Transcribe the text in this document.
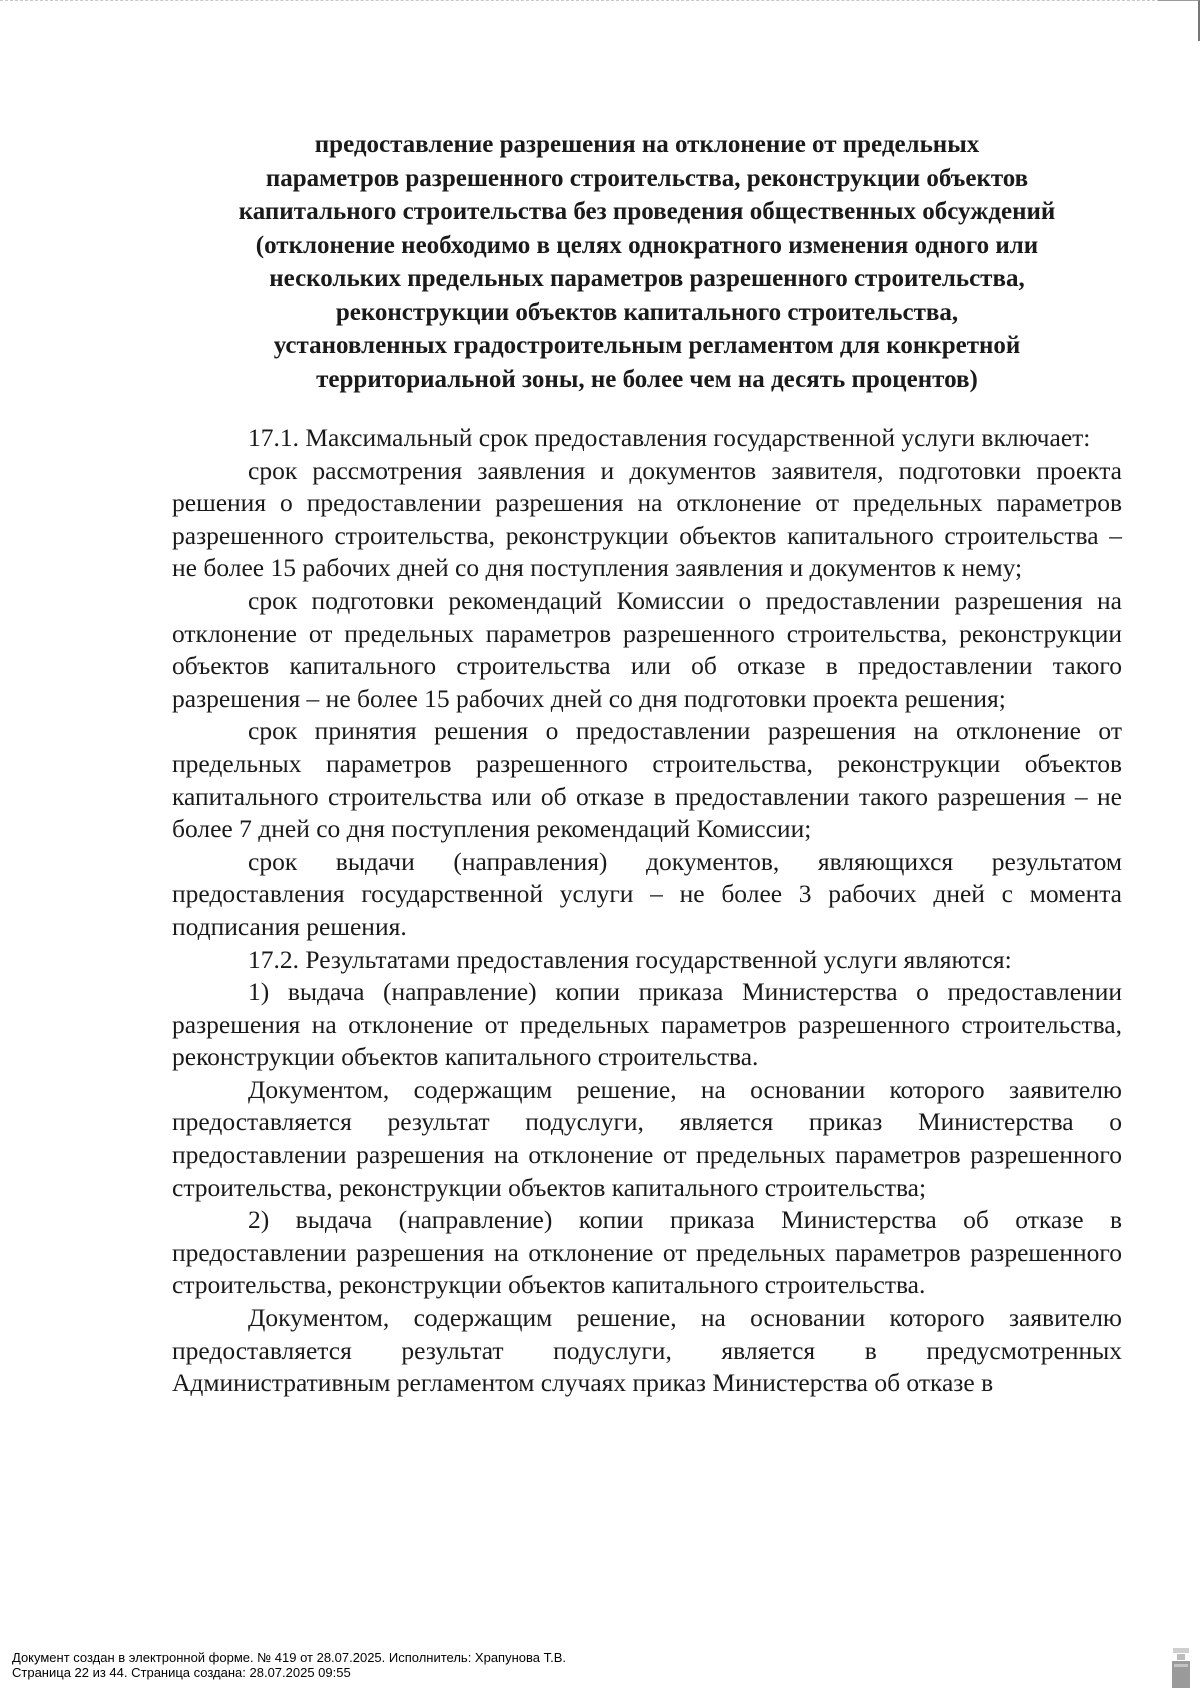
предоставление разрешения на отклонение от предельных
параметров разрешенного строительства, реконструкции объектов
капитального строительства без проведения общественных обсуждений
(отклонение необходимо в целях однократного изменения одного или
нескольких предельных параметров разрешенного строительства,
реконструкции объектов капитального строительства,
установленных градостроительным регламентом для конкретной
территориальной зоны, не более чем на десять процентов)

17.1. Максимальный срок предоставления государственной услуги включает:

срок рассмотрения заявления и документов заявителя, подготовки проекта решения о предоставлении разрешения на отклонение от предельных параметров разрешенного строительства, реконструкции объектов капитального строительства – не более 15 рабочих дней со дня поступления заявления и документов к нему;

срок подготовки рекомендаций Комиссии о предоставлении разрешения на отклонение от предельных параметров разрешенного строительства, реконструкции объектов капитального строительства или об отказе в предоставлении такого разрешения – не более 15 рабочих дней со дня подготовки проекта решения;

срок принятия решения о предоставлении разрешения на отклонение от предельных параметров разрешенного строительства, реконструкции объектов капитального строительства или об отказе в предоставлении такого разрешения – не более 7 дней со дня поступления рекомендаций Комиссии;

срок выдачи (направления) документов, являющихся результатом предоставления государственной услуги – не более 3 рабочих дней с момента подписания решения.

17.2. Результатами предоставления государственной услуги являются:

1) выдача (направление) копии приказа Министерства о предоставлении разрешения на отклонение от предельных параметров разрешенного строительства, реконструкции объектов капитального строительства.

Документом, содержащим решение, на основании которого заявителю предоставляется результат подуслуги, является приказ Министерства о предоставлении разрешения на отклонение от предельных параметров разрешенного строительства, реконструкции объектов капитального строительства;

2) выдача (направление) копии приказа Министерства об отказе в предоставлении разрешения на отклонение от предельных параметров разрешенного строительства, реконструкции объектов капитального строительства.

Документом, содержащим решение, на основании которого заявителю предоставляется результат подуслуги, является в предусмотренных Административным регламентом случаях приказ Министерства об отказе в

Документ создан в электронной форме. № 419 от 28.07.2025. Исполнитель: Храпунова Т.В.
Страница 22 из 44. Страница создана: 28.07.2025 09:55
